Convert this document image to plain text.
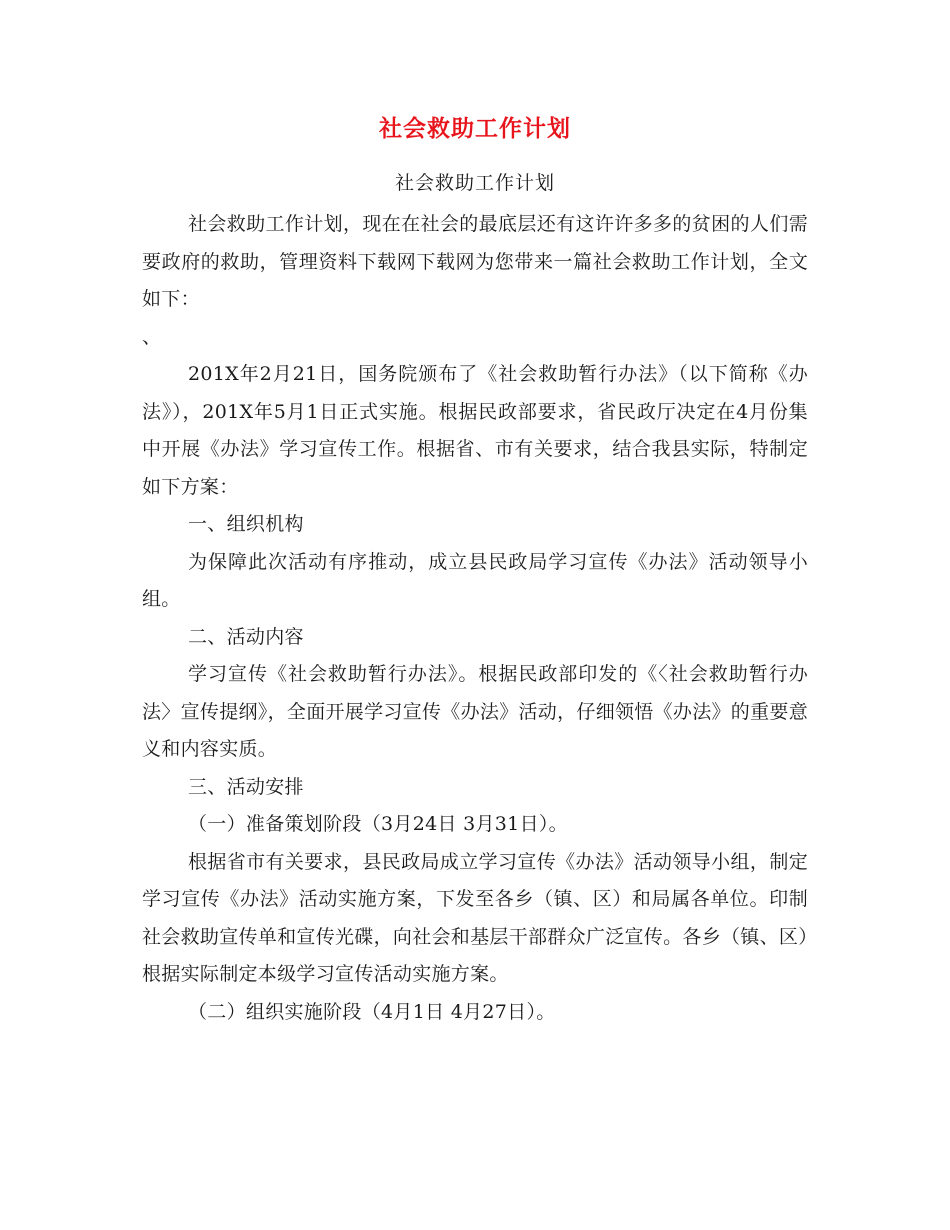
社会救助工作计划
社会救助工作计划

社会救助工作计划，现在在社会的最底层还有这许许多多的贫困的人们需要政府的救助，管理资料下载网下载网为您带来一篇社会救助工作计划，全文如下：

、

201X年2月21日，国务院颁布了《社会救助暂行办法》（以下简称《办法》），201X年5月1日正式实施。根据民政部要求，省民政厅决定在4月份集中开展《办法》学习宣传工作。根据省、市有关要求，结合我县实际，特制定如下方案：

一、组织机构

为保障此次活动有序推动，成立县民政局学习宣传《办法》活动领导小组。

二、活动内容

学习宣传《社会救助暂行办法》。根据民政部印发的《〈社会救助暂行办法〉宣传提纲》，全面开展学习宣传《办法》活动，仔细领悟《办法》的重要意义和内容实质。

三、活动安排

（一）准备策划阶段（3月24日 3月31日）。

根据省市有关要求，县民政局成立学习宣传《办法》活动领导小组，制定学习宣传《办法》活动实施方案，下发至各乡（镇、区）和局属各单位。印制社会救助宣传单和宣传光碟，向社会和基层干部群众广泛宣传。各乡（镇、区）根据实际制定本级学习宣传活动实施方案。

（二）组织实施阶段（4月1日 4月27日）。
